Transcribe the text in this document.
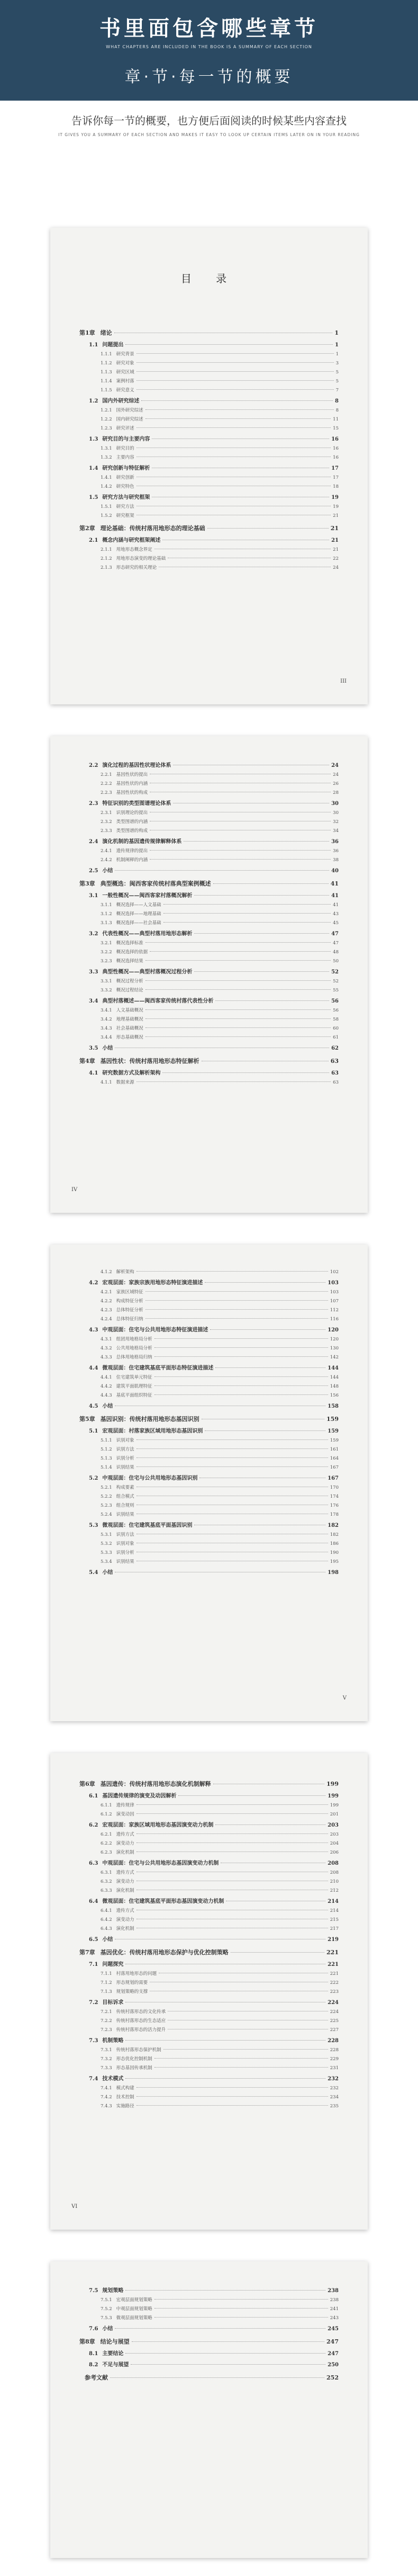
书里面包含哪些章节
WHAT CHAPTERS ARE INCLUDED IN THE BOOK IS A SUMMARY OF EACH SECTION
章·节·每一节的概要
告诉你每一节的概要，也方便后面阅读的时候某些内容查找
IT GIVES YOU A SUMMARY OF EACH SECTION AND MAKES IT EASY TO LOOK UP CERTAIN ITEMS LATER ON IN YOUR READING
目 录
第1章 绪论	1
1.1 问题提出	1
1.1.1 研究背景	1
1.1.2 研究对象	3
1.1.3 研究区域	5
1.1.4 案例村落	5
1.1.5 研究意义	7
1.2 国内外研究综述	8
1.2.1 国外研究综述	8
1.2.2 国内研究综述	11
1.2.3 研究评述	15
1.3 研究目的与主要内容	16
1.3.1 研究目的	16
1.3.2 主要内容	16
1.4 研究创新与特征解析	17
1.4.1 研究创新	17
1.4.2 研究特色	18
1.5 研究方法与研究框架	19
1.5.1 研究方法	19
1.5.2 研究框架	21
第2章 理论基础：传统村落用地形态的理论基础	21
2.1 概念内涵与研究框架阐述	21
2.1.1 用地形态概念界定	21
2.1.2 用地形态演变的理论基础	22
2.1.3 形态研究的相关理论	24
III
2.2 演化过程的基因性状理论体系	24
2.2.1 基因性状的提出	24
2.2.2 基因性状的内涵	26
2.2.3 基因性状的构成	28
2.3 特征识别的类型图谱理论体系	30
2.3.1 识别理论的提出	30
2.3.2 类型图谱的内涵	32
2.3.3 类型图谱的构成	34
2.4 演化机制的基因遗传规律解释体系	36
2.4.1 遗传规律的提出	36
2.4.2 机制阐释的内涵	38
2.5 小结	40
第3章 典型概选：闽西客家传统村落典型案例概述	41
3.1 一般性概况——闽西客家村落概况解析	41
3.1.1 概况选择——人文基础	41
3.1.2 概况选择——地理基础	43
3.1.3 概况选择——社会基础	45
3.2 代表性概况——典型村落用地形态解析	47
3.2.1 概况选择标准	47
3.2.2 概况选择的依据	48
3.2.3 概况选择结果	50
3.3 典型性概况——典型村落概况过程分析	52
3.3.1 概况过程分析	52
3.3.2 概况过程结论	55
3.4 典型村落概述——闽西客家传统村落代表性分析	56
3.4.1 人文基础概况	56
3.4.2 地理基础概况	58
3.4.3 社会基础概况	60
3.4.4 形态基础概况	61
3.5 小结	62
第4章 基因性状：传统村落用地形态特征解析	63
4.1 研究数据方式及解析架构	63
4.1.1 数据来源	63
IV
4.1.2 解析架构	102
4.2 宏观层面：家族宗族用地形态特征演进描述	103
4.2.1 家族区域特征	103
4.2.2 构成特征分析	107
4.2.3 总体特征分析	112
4.2.4 总体特征归纳	116
4.3 中观层面：住宅与公共用地形态特征演进描述	120
4.3.1 组团用地格局分析	120
4.3.2 公共用地格局分析	130
4.3.3 总体用地格局归纳	142
4.4 微观层面：住宅建筑基底平面形态特征演进描述	144
4.4.1 住宅建筑单元特征	144
4.4.2 建筑平面肌理特征	148
4.4.3 基底平面组织特征	156
4.5 小结	158
第5章 基因识别：传统村落用地形态基因识别	159
5.1 宏观层面：村落家族区域用地形态基因识别	159
5.1.1 识别对象	159
5.1.2 识别方法	161
5.1.3 识别分析	164
5.1.4 识别结果	167
5.2 中观层面：住宅与公共用地形态基因识别	167
5.2.1 构成要素	170
5.2.2 组合模式	174
5.2.3 组合规则	176
5.2.4 识别结果	178
5.3 微观层面：住宅建筑基底平面基因识别	182
5.3.1 识别方法	182
5.3.2 识别对象	186
5.3.3 识别分析	190
5.3.4 识别结果	195
5.4 小结	198
V
第6章 基因遗传：传统村落用地形态演化机制解释	199
6.1 基因遗传规律的演变及动因解析	199
6.1.1 遗传规律	199
6.1.2 演变动因	201
6.2 宏观层面：家族区域用地形态基因演变动力机制	203
6.2.1 遗传方式	203
6.2.2 演变动力	204
6.2.3 演化机制	206
6.3 中观层面：住宅与公共用地形态基因演变动力机制	208
6.3.1 遗传方式	208
6.3.2 演变动力	210
6.3.3 演化机制	212
6.4 微观层面：住宅建筑基底平面形态基因演变动力机制	214
6.4.1 遗传方式	214
6.4.2 演变动力	215
6.4.3 演化机制	217
6.5 小结	219
第7章 基因优化：传统村落用地形态保护与优化控制策略	221
7.1 问题探究	221
7.1.1 村落用地形态的问题	221
7.1.2 形态规划的需要	222
7.1.3 规划策略的支撑	223
7.2 目标诉求	224
7.2.1 传统村落形态的文化传承	224
7.2.2 传统村落形态的生态适应	225
7.2.3 传统村落形态的活力提升	227
7.3 机制策略	228
7.3.1 传统村落形态保护机制	228
7.3.2 形态优化控制机制	229
7.3.3 形态基因传承机制	231
7.4 技术模式	232
7.4.1 模式构建	232
7.4.2 技术控制	234
7.4.3 实施路径	235
VI
7.5 规划策略	238
7.5.1 宏观层面规划策略	238
7.5.2 中观层面规划策略	241
7.5.3 微观层面规划策略	243
7.6 小结	245
第8章 结论与展望	247
8.1 主要结论	247
8.2 不足与展望	250
参考文献	252
